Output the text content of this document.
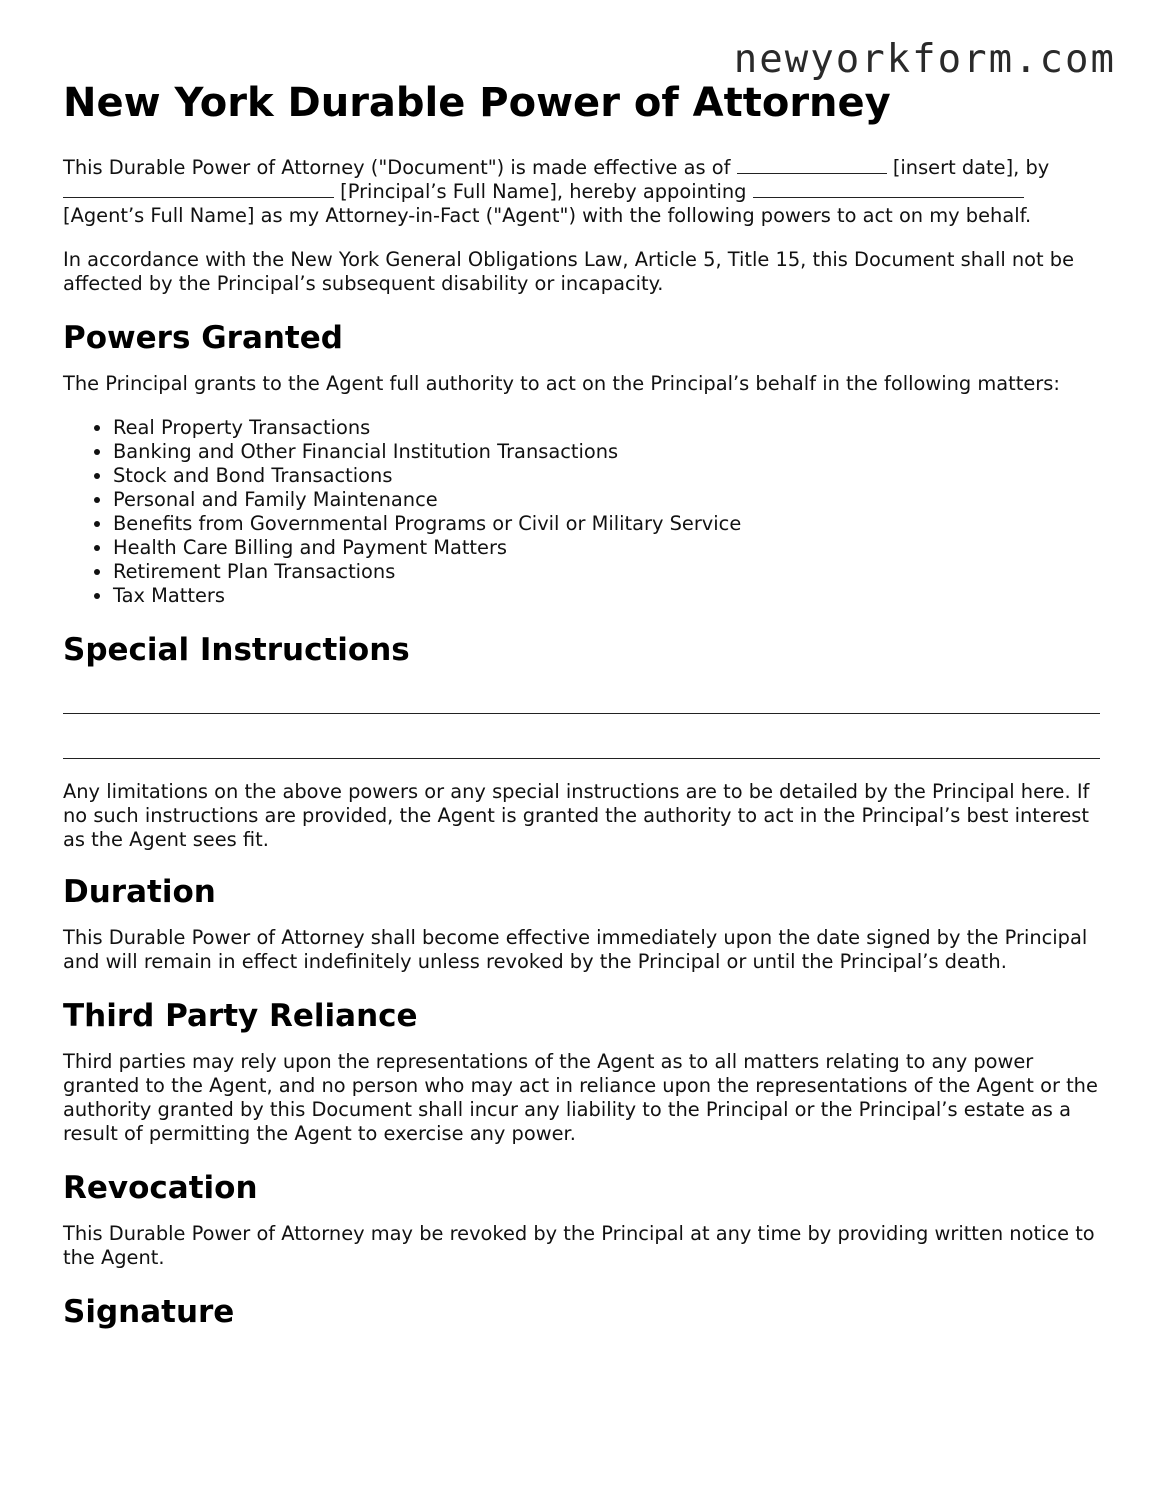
newyorkform.com
New York Durable Power of Attorney

This Durable Power of Attorney ("Document") is made effective as of	[insert date], by
[Principal’s Full Name], hereby appointing
[Agent’s Full Name] as my Attorney-in-Fact ("Agent") with the following powers to act on my behalf.

In accordance with the New York General Obligations Law, Article 5, Title 15, this Document shall not be affected by the Principal’s subsequent disability or incapacity.

Powers Granted

The Principal grants to the Agent full authority to act on the Principal’s behalf in the following matters:

• Real Property Transactions
• Banking and Other Financial Institution Transactions
• Stock and Bond Transactions
• Personal and Family Maintenance
• Benefits from Governmental Programs or Civil or Military Service
• Health Care Billing and Payment Matters
• Retirement Plan Transactions
• Tax Matters
Special Instructions

Any limitations on the above powers or any special instructions are to be detailed by the Principal here. If no such instructions are provided, the Agent is granted the authority to act in the Principal’s best interest as the Agent sees fit.

Duration

This Durable Power of Attorney shall become effective immediately upon the date signed by the Principal and will remain in effect indefinitely unless revoked by the Principal or until the Principal’s death.

Third Party Reliance

Third parties may rely upon the representations of the Agent as to all matters relating to any power granted to the Agent, and no person who may act in reliance upon the representations of the Agent or the authority granted by this Document shall incur any liability to the Principal or the Principal’s estate as a result of permitting the Agent to exercise any power.

Revocation

This Durable Power of Attorney may be revoked by the Principal at any time by providing written notice to the Agent.

Signature
